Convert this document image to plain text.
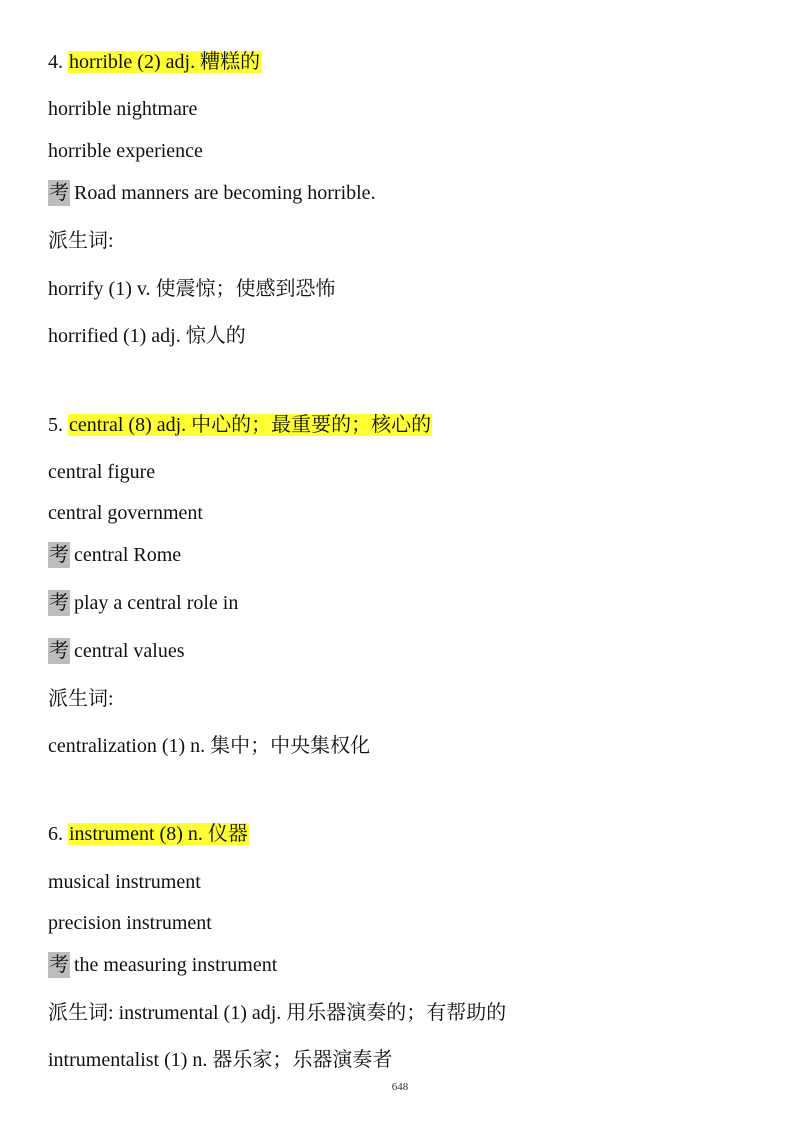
4. horrible (2) adj. 糟糕的
horrible nightmare
horrible experience
考 Road manners are becoming horrible.
派生词:
horrify (1) v. 使震惊；使感到恐怖
horrified (1) adj. 惊人的
5. central (8) adj. 中心的；最重要的；核心的
central figure
central government
考 central Rome
考 play a central role in
考 central values
派生词:
centralization (1) n. 集中；中央集权化
6. instrument (8) n. 仪器
musical instrument
precision instrument
考 the measuring instrument
派生词: instrumental (1) adj. 用乐器演奏的；有帮助的
intrumentalist (1) n. 器乐家；乐器演奏者
648
